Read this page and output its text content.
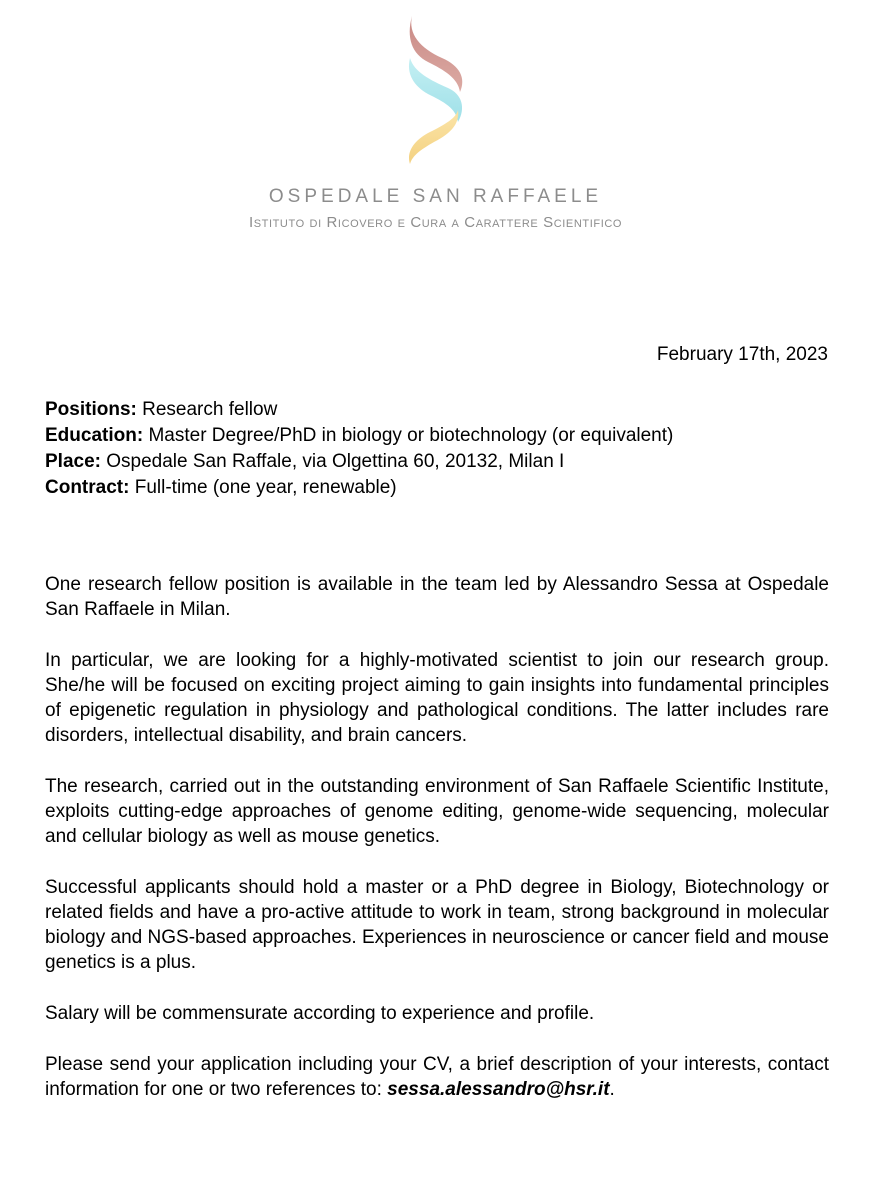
OSPEDALE SAN RAFFAELE
Istituto di Ricovero e Cura a Carattere Scientifico
February 17th, 2023
Positions: Research fellow
Education: Master Degree/PhD in biology or biotechnology (or equivalent)
Place: Ospedale San Raffale, via Olgettina 60, 20132, Milan I
Contract: Full-time (one year, renewable)

One research fellow position is available in the team led by Alessandro Sessa at Ospedale San Raffaele in Milan.

In particular, we are looking for a highly-motivated scientist to join our research group. She/he will be focused on exciting project aiming to gain insights into fundamental principles of epigenetic regulation in physiology and pathological conditions. The latter includes rare disorders, intellectual disability, and brain cancers.

The research, carried out in the outstanding environment of San Raffaele Scientific Institute, exploits cutting-edge approaches of genome editing, genome-wide sequencing, molecular and cellular biology as well as mouse genetics.

Successful applicants should hold a master or a PhD degree in Biology, Biotechnology or related fields and have a pro-active attitude to work in team, strong background in molecular biology and NGS-based approaches. Experiences in neuroscience or cancer field and mouse genetics is a plus.

Salary will be commensurate according to experience and profile.

Please send your application including your CV, a brief description of your interests, contact information for one or two references to: sessa.alessandro@hsr.it.
